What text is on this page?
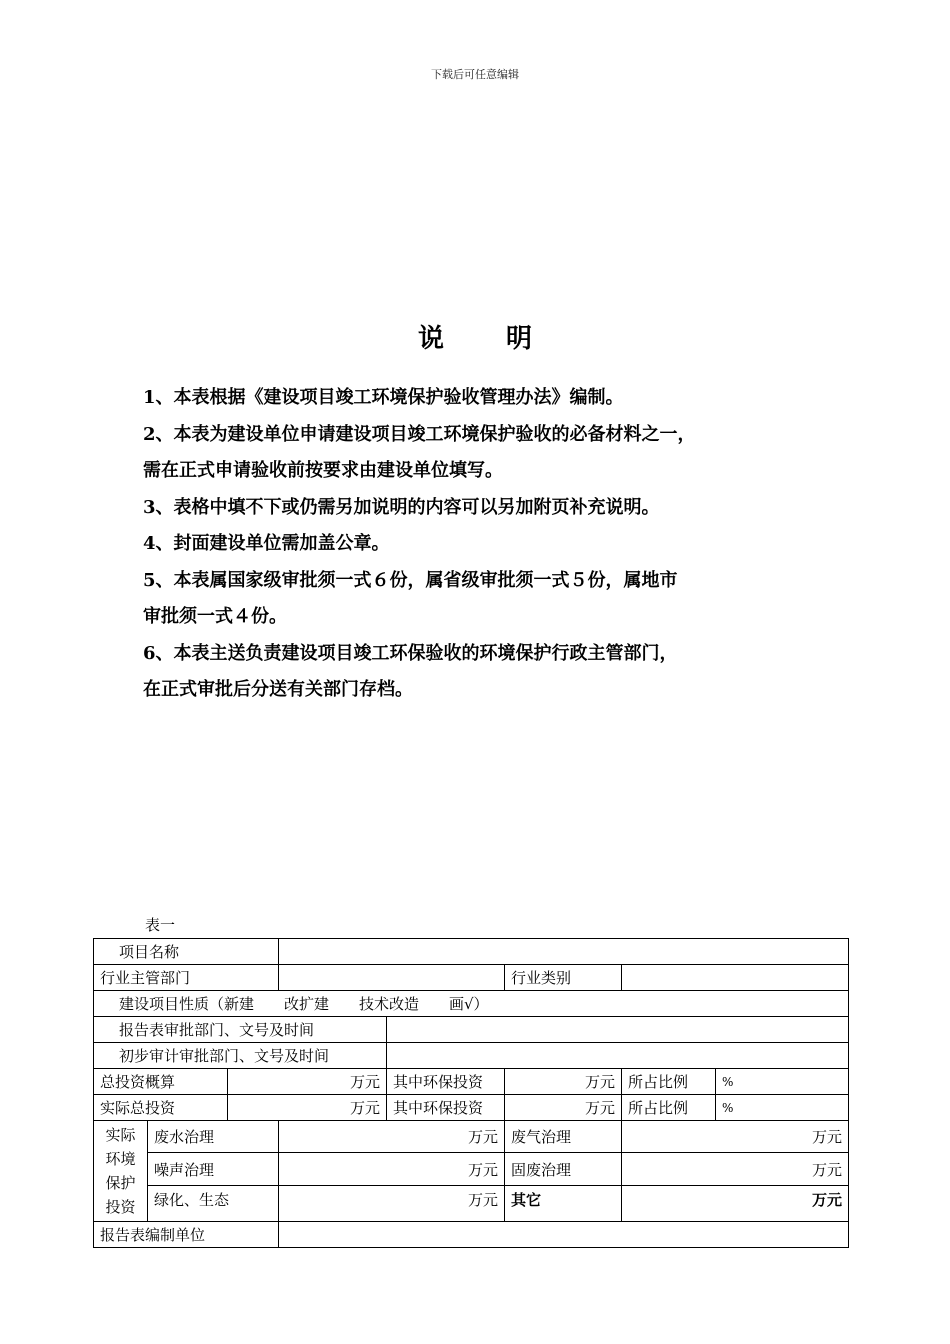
下载后可任意编辑
说 明

1、本表根据《建设项目竣工环境保护验收管理办法》编制。

2、本表为建设单位申请建设项目竣工环境保护验收的必备材料之一，

需在正式申请验收前按要求由建设单位填写。

3、表格中填不下或仍需另加说明的内容可以另加附页补充说明。

4、封面建设单位需加盖公章。

5、本表属国家级审批须一式６份，属省级审批须一式５份，属地市

审批须一式４份。

6、本表主送负责建设项目竣工环保验收的环境保护行政主管部门，

在正式审批后分送有关部门存档。

表一
项目名称							
行业主管部门					行业类别		
建设项目性质（新建　　改扩建　　技术改造　　画√）							
报告表审批部门、文号及时间							
初步审计审批部门、文号及时间							
总投资概算		万元		其中环保投资	万元	所占比例	%
实际总投资		万元		其中环保投资	万元	所占比例	%

实际
环境
保护
投资	废水治理		万元		废气治理	万元	
	噪声治理		万元		固废治理	万元	
	绿化、生态		万元		其它	万元	
报告表编制单位							
